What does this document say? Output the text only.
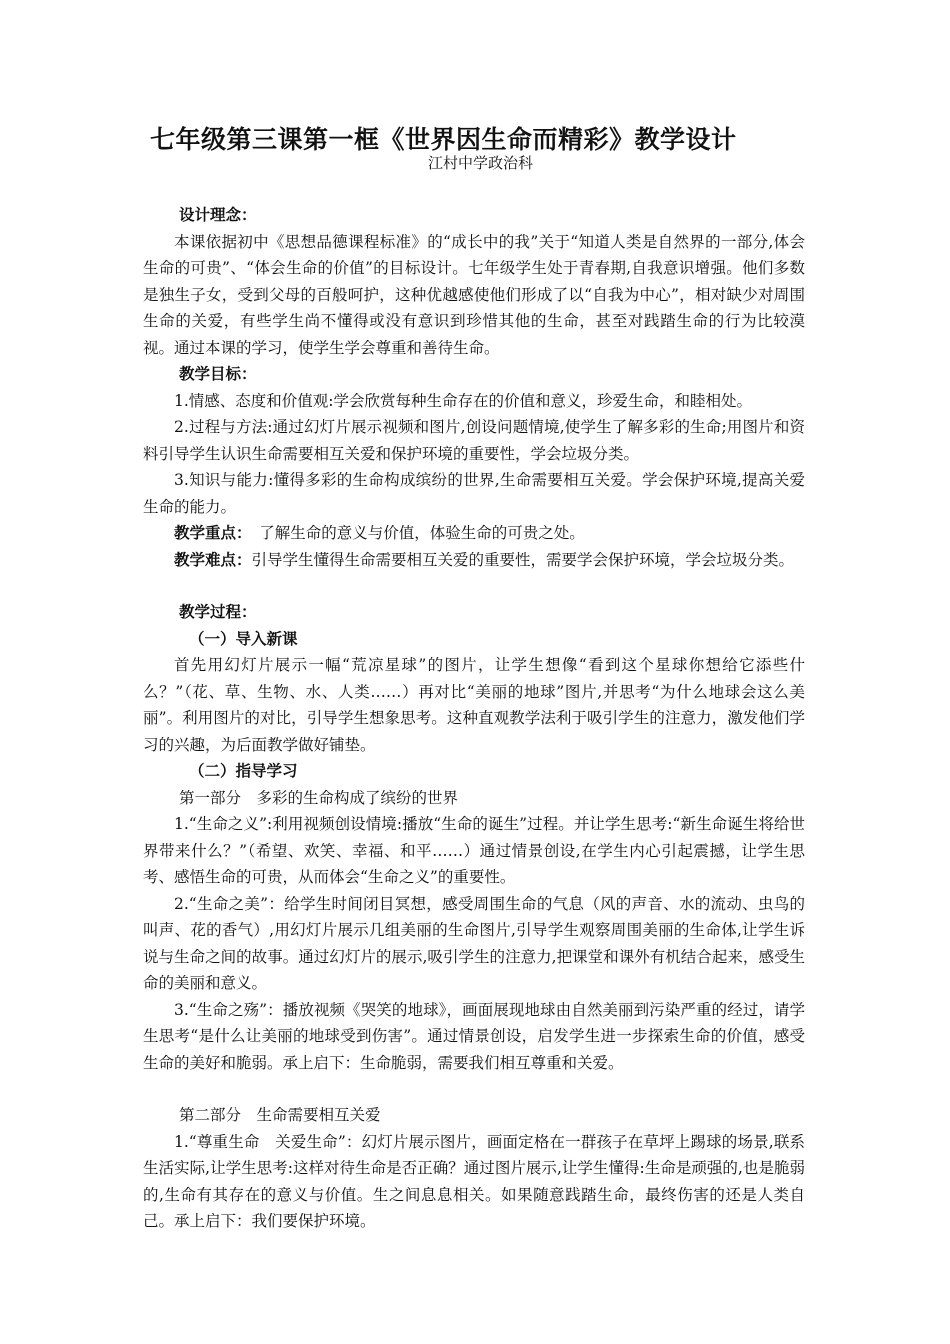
七年级第三课第一框《世界因生命而精彩》教学设计
江村中学政治科

设计理念：

本课依据初中《思想品德课程标准》的“成长中的我”关于“知道人类是自然界的一部分,体会生命的可贵”、“体会生命的价值”的目标设计。七年级学生处于青春期,自我意识增强。他们多数是独生子女，受到父母的百般呵护，这种优越感使他们形成了以“自我为中心”，相对缺少对周围生命的关爱，有些学生尚不懂得或没有意识到珍惜其他的生命，甚至对践踏生命的行为比较漠视。通过本课的学习，使学生学会尊重和善待生命。

教学目标：

1.情感、态度和价值观:学会欣赏每种生命存在的价值和意义，珍爱生命，和睦相处。

2.过程与方法:通过幻灯片展示视频和图片,创设问题情境,使学生了解多彩的生命;用图片和资料引导学生认识生命需要相互关爱和保护环境的重要性，学会垃圾分类。

3.知识与能力:懂得多彩的生命构成缤纷的世界,生命需要相互关爱。学会保护环境,提高关爱生命的能力。

教学重点：　了解生命的意义与价值，体验生命的可贵之处。

教学难点：引导学生懂得生命需要相互关爱的重要性，需要学会保护环境，学会垃圾分类。

教学过程：

（一）导入新课

首先用幻灯片展示一幅“荒凉星球”的图片，让学生想像“看到这个星球你想给它添些什么？”（花、草、生物、水、人类……）再对比“美丽的地球”图片,并思考“为什么地球会这么美丽”。利用图片的对比，引导学生想象思考。这种直观教学法利于吸引学生的注意力，激发他们学习的兴趣，为后面教学做好铺垫。

（二）指导学习

第一部分　多彩的生命构成了缤纷的世界

1.“生命之义”:利用视频创设情境:播放“生命的诞生”过程。并让学生思考:“新生命诞生将给世界带来什么？”（希望、欢笑、幸福、和平……）通过情景创设,在学生内心引起震撼，让学生思考、感悟生命的可贵，从而体会“生命之义”的重要性。

2.“生命之美”：给学生时间闭目冥想，感受周围生命的气息（风的声音、水的流动、虫鸟的叫声、花的香气）,用幻灯片展示几组美丽的生命图片,引导学生观察周围美丽的生命体,让学生诉说与生命之间的故事。通过幻灯片的展示,吸引学生的注意力,把课堂和课外有机结合起来，感受生命的美丽和意义。

3.“生命之殇”：播放视频《哭笑的地球》，画面展现地球由自然美丽到污染严重的经过，请学生思考“是什么让美丽的地球受到伤害”。通过情景创设，启发学生进一步探索生命的价值，感受生命的美好和脆弱。承上启下：生命脆弱，需要我们相互尊重和关爱。

第二部分　生命需要相互关爱

1.“尊重生命　关爱生命”：幻灯片展示图片，画面定格在一群孩子在草坪上踢球的场景,联系生活实际,让学生思考:这样对待生命是否正确？通过图片展示,让学生懂得:生命是顽强的,也是脆弱的,生命有其存在的意义与价值。生之间息息相关。如果随意践踏生命，最终伤害的还是人类自己。承上启下：我们要保护环境。
